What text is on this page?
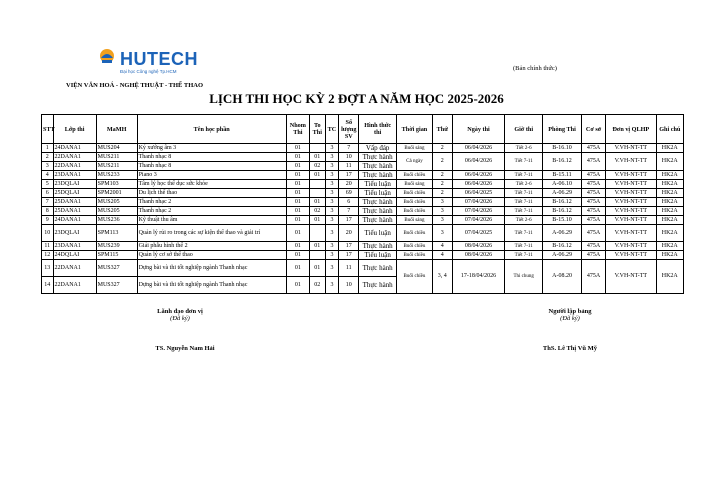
HUTECH
Đại học Công nghệ Tp.HCM	(Bản chính thức)
VIỆN VĂN HOÁ - NGHỆ THUẬT - THỂ THAO
LỊCH THI HỌC KỲ 2 ĐỢT A NĂM HỌC 2025-2026
STT	Lớp thi	MaMH	Tên học phần	Nhom Thi	To Thi	TC	Số lượng SV	Hình thức thi	Thời gian	Thứ	Ngày thi	Giờ thi	Phòng Thi	Cơ sở	Đơn vị QLHP	Ghi chú
1	24DANA1	MUS204	Ký xướng âm 3	01		3	7	Vấp đáp	Buổi sáng	2	06/04/2026	Tiết 2-6	B-16.10	475A	V.VH-NT-TT	HK2A
2	22DANA1	MUS211	Thanh nhạc 8	01	01	3	10	Thực hành	Cả ngày	2	06/04/2026	Tiết 7-11	B-16.12	475A	V.VH-NT-TT	HK2A
3	22DANA1	MUS211	Thanh nhạc 8	01	02	3	11	Thực hành								
4	23DANA1	MUS233	Piano 3	01	01	3	17	Thực hành	Buổi chiều	2	06/04/2026	Tiết 7-11	B-15.11	475A	V.VH-NT-TT	HK2A
5	23DQLAI	SPM103	Tâm lý học thể dục sức khỏe	01		3	20	Tiểu luận	Buổi sáng	2	06/04/2026	Tiết 2-6	A-06.10	475A	V.VH-NT-TT	HK2A
6	25DQLAI	SPM2001	Du lịch thể thao	01		3	69	Tiểu luận	Buổi chiều	2	06/04/2025	Tiết 7-11	A-06.29	475A	V.VH-NT-TT	HK2A
7	25DANA1	MUS205	Thanh nhạc 2	01	01	3	6	Thực hành	Buổi chiều	3	07/04/2026	Tiết 7-11	B-16.12	475A	V.VH-NT-TT	HK2A
8	25DANA1	MUS205	Thanh nhạc 2	01	02	3	7	Thực hành	Buổi chiều	3	07/04/2026	Tiết 7-11	B-16.12	475A	V.VH-NT-TT	HK2A
9	24DANA1	MUS236	Kỹ thuật thu âm	01	01	3	17	Thực hành	Buổi sáng	3	07/04/2026	Tiết 2-6	B-15.10	475A	V.VH-NT-TT	HK2A
10	23DQLAI	SPM113	Quản lý rủi ro trong các sự kiện thể thao và giải trí	01		3	20	Tiểu luận	Buổi chiều	3	07/04/2025	Tiết 7-11	A-06.29	475A	V.VH-NT-TT	HK2A
11	23DANA1	MUS239	Giải phẫu hình thể 2	01	01	3	17	Thực hành	Buổi chiều	4	08/04/2026	Tiết 7-11	B-16.12	475A	V.VH-NT-TT	HK2A
12	24DQLAI	SPM115	Quản lý cơ sở thể thao	01		3	17	Tiểu luận	Buổi chiều	4	08/04/2026	Tiết 7-11	A-06.29	475A	V.VH-NT-TT	HK2A
13	22DANA1	MUS327	Dựng bài và thi tốt nghiệp ngành Thanh nhạc	01	01	3	11	Thực hành	Buổi chiều	3, 4	17-18/04/2026	Thi chung	A-08.20	475A	V.VH-NT-TT	HK2A
14	22DANA1	MUS327	Dựng bài và thi tốt nghiệp ngành Thanh nhạc	01	02	3	10	Thực hành								
Lãnh đạo đơn vị
(Đã ký)
TS. Nguyễn Nam Hải
Người lập bảng
(Đã ký)
ThS. Lê Thị Vũ Mỹ
